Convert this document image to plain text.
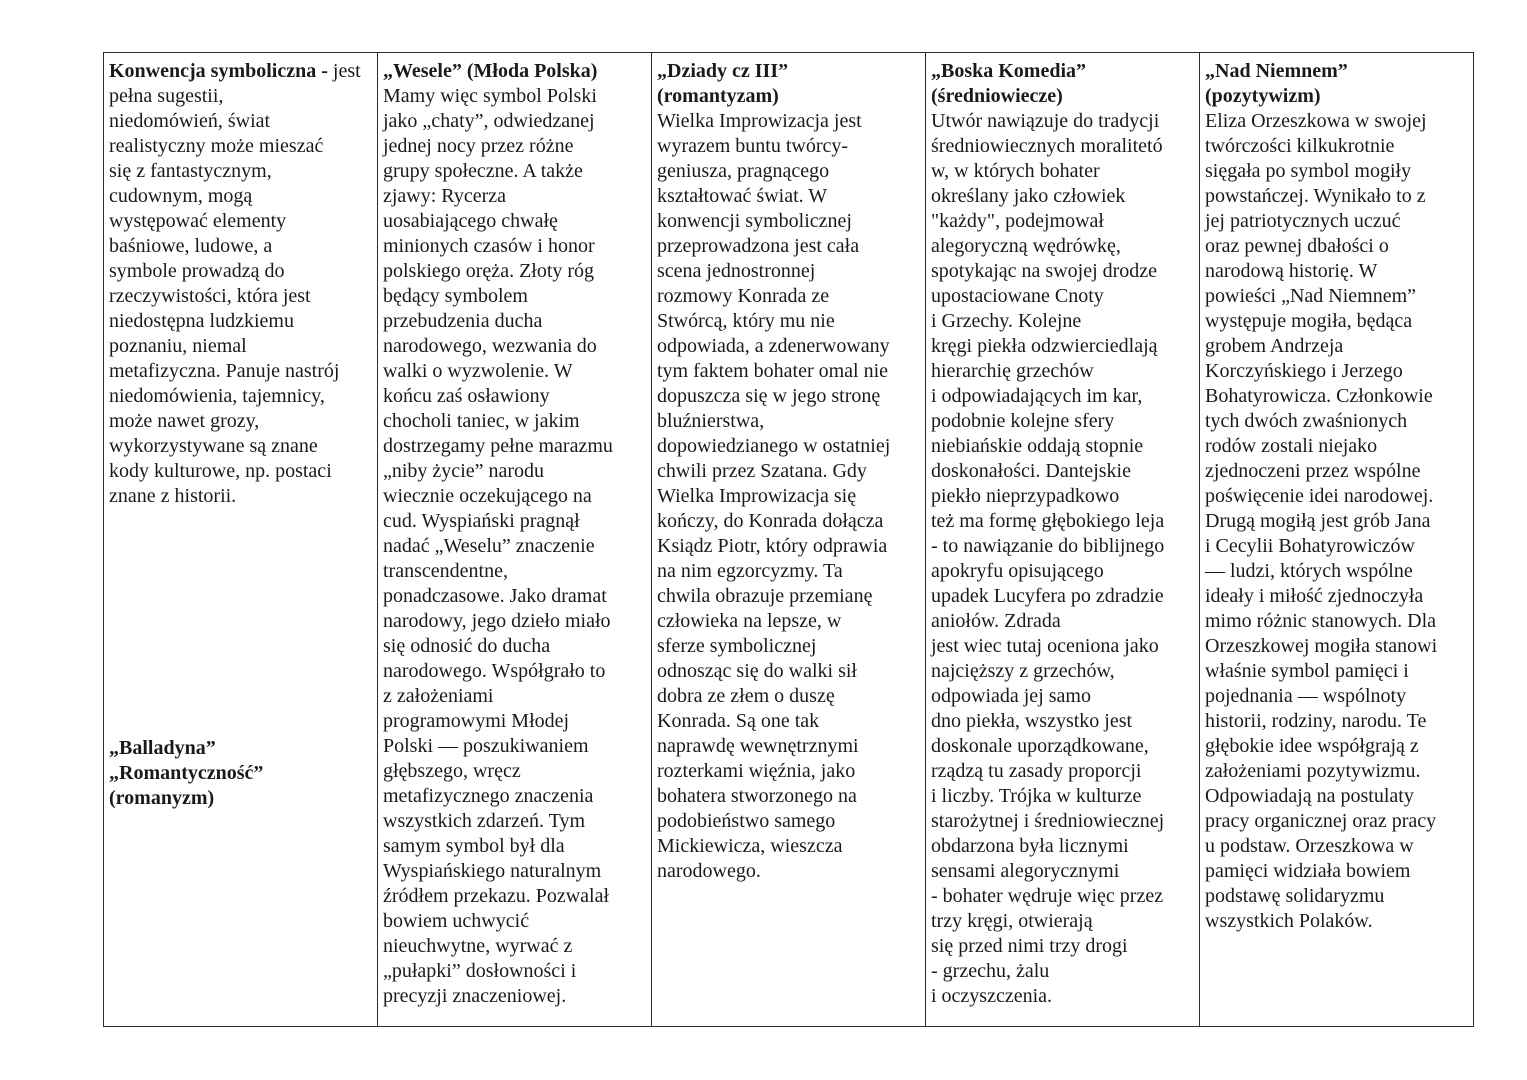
Konwencja symboliczna - jest pełna sugestii,
niedomówień, świat
realistyczny może mieszać
się z fantastycznym,
cudownym, mogą
występować elementy
baśniowe, ludowe, a
symbole prowadzą do
rzeczywistości, która jest
niedostępna ludzkiemu
poznaniu, niemal
metafizyczna. Panuje nastrój
niedomówienia, tajemnicy,
może nawet grozy,
wykorzystywane są znane
kody kulturowe, np. postaci
znane z historii.
„Balladyna”
„Romantyczność”
(romanyzm)

„Wesele” (Młoda Polska)
Mamy więc symbol Polski
jako „chaty”, odwiedzanej
jednej nocy przez różne
grupy społeczne. A także
zjawy: Rycerza
uosabiającego chwałę
minionych czasów i honor
polskiego oręża. Złoty róg
będący symbolem
przebudzenia ducha
narodowego, wezwania do
walki o wyzwolenie. W
końcu zaś osławiony
chocholi taniec, w jakim
dostrzegamy pełne marazmu
„niby życie” narodu
wiecznie oczekującego na
cud. Wyspiański pragnął
nadać „Weselu” znaczenie
transcendentne,
ponadczasowe. Jako dramat
narodowy, jego dzieło miało
się odnosić do ducha
narodowego. Współgrało to
z założeniami
programowymi Młodej
Polski — poszukiwaniem
głębszego, wręcz
metafizycznego znaczenia
wszystkich zdarzeń. Tym
samym symbol był dla
Wyspiańskiego naturalnym
źródłem przekazu. Pozwalał
bowiem uchwycić
nieuchwytne, wyrwać z
„pułapki” dosłowności i
precyzji znaczeniowej.

„Dziady cz III”
(romantyzam)
Wielka Improwizacja jest
wyrazem buntu twórcy-
geniusza, pragnącego
kształtować świat. W
konwencji symbolicznej
przeprowadzona jest cała
scena jednostronnej
rozmowy Konrada ze
Stwórcą, który mu nie
odpowiada, a zdenerwowany
tym faktem bohater omal nie
dopuszcza się w jego stronę
bluźnierstwa,
dopowiedzianego w ostatniej
chwili przez Szatana. Gdy
Wielka Improwizacja się
kończy, do Konrada dołącza
Ksiądz Piotr, który odprawia
na nim egzorcyzmy. Ta
chwila obrazuje przemianę
człowieka na lepsze, w
sferze symbolicznej
odnosząc się do walki sił
dobra ze złem o duszę
Konrada. Są one tak
naprawdę wewnętrznymi
rozterkami więźnia, jako
bohatera stworzonego na
podobieństwo samego
Mickiewicza, wieszcza
narodowego.

„Boska Komedia”
(średniowiecze)
Utwór nawiązuje do tradycji
średniowiecznych moralitetó
w, w których bohater
określany jako człowiek
"każdy", podejmował
alegoryczną wędrówkę,
spotykając na swojej drodze
upostaciowane Cnoty
i Grzechy. Kolejne
kręgi piekła odzwierciedlają
hierarchię grzechów
i odpowiadających im kar,
podobnie kolejne sfery
niebiańskie oddają stopnie
doskonałości. Dantejskie
piekło nieprzypadkowo
też ma formę głębokiego leja
- to nawiązanie do biblijnego
apokryfu opisującego
upadek Lucyfera po zdradzie
aniołów. Zdrada
jest wiec tutaj oceniona jako
najcięższy z grzechów,
odpowiada jej samo
dno piekła, wszystko jest
doskonale uporządkowane,
rządzą tu zasady proporcji
i liczby. Trójka w kulturze
starożytnej i średniowiecznej
obdarzona była licznymi
sensami alegorycznymi
- bohater wędruje więc przez
trzy kręgi, otwierają
się przed nimi trzy drogi
- grzechu, żalu
i oczyszczenia.

„Nad Niemnem”
(pozytywizm)
Eliza Orzeszkowa w swojej
twórczości kilkukrotnie
sięgała po symbol mogiły
powstańczej. Wynikało to z
jej patriotycznych uczuć
oraz pewnej dbałości o
narodową historię. W
powieści „Nad Niemnem”
występuje mogiła, będąca
grobem Andrzeja
Korczyńskiego i Jerzego
Bohatyrowicza. Członkowie
tych dwóch zwaśnionych
rodów zostali niejako
zjednoczeni przez wspólne
poświęcenie idei narodowej.
Drugą mogiłą jest grób Jana
i Cecylii Bohatyrowiczów
— ludzi, których wspólne
ideały i miłość zjednoczyła
mimo różnic stanowych. Dla
Orzeszkowej mogiła stanowi
właśnie symbol pamięci i
pojednania — wspólnoty
historii, rodziny, narodu. Te
głębokie idee współgrają z
założeniami pozytywizmu.
Odpowiadają na postulaty
pracy organicznej oraz pracy
u podstaw. Orzeszkowa w
pamięci widziała bowiem
podstawę solidaryzmu
wszystkich Polaków.
